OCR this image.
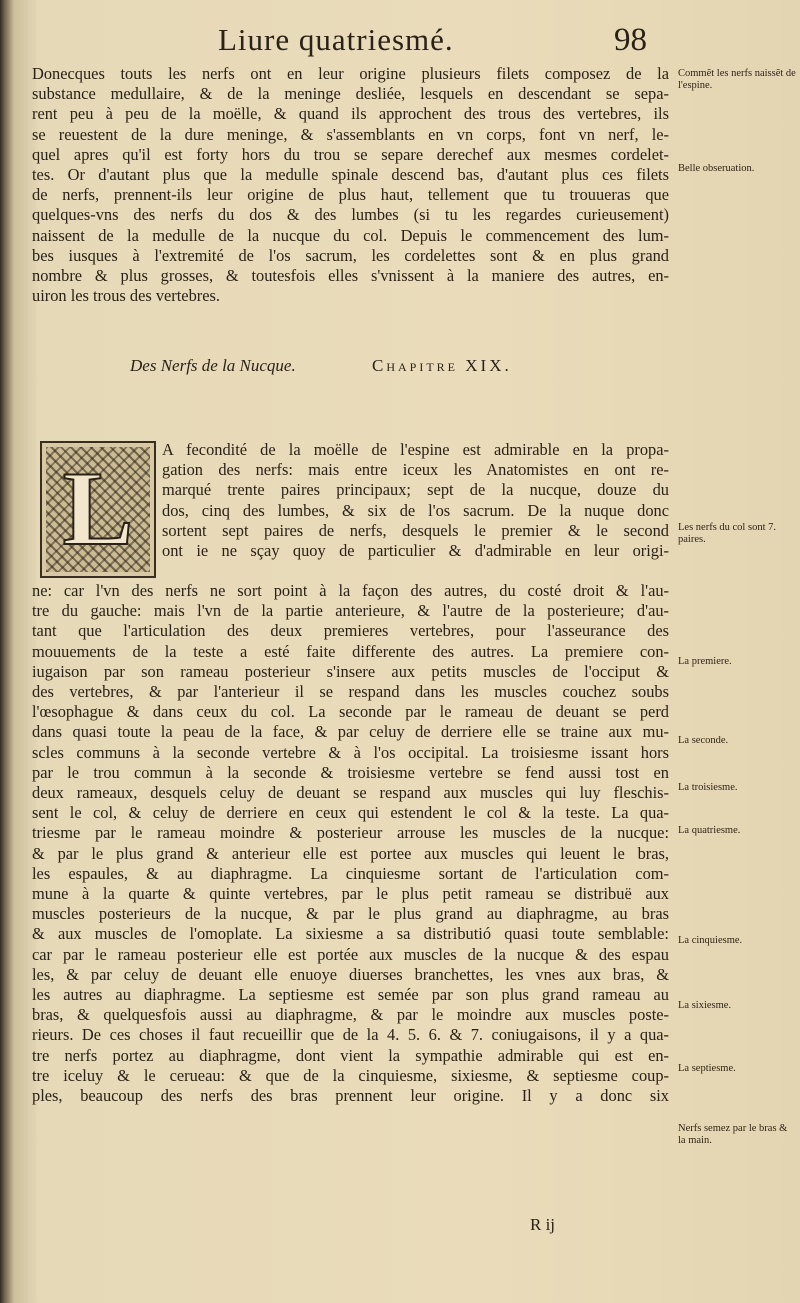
Liure quatriesmé.	98
Donecques touts les nerfs ont en leur origine plusieurs filets composez de la
substance medullaire, & de la meninge desliée, lesquels en descendant se sepa-
rent peu à peu de la moëlle, & quand ils approchent des trous des vertebres, ils
se reuestent de la dure meninge, & s'assemblants en vn corps, font vn nerf, le-
quel apres qu'il est forty hors du trou se separe derechef aux mesmes cordelet-
tes. Or d'autant plus que la medulle spinale descend bas, d'autant plus ces filets
de nerfs, prennent-ils leur origine de plus haut, tellement que tu trouueras que
quelques-vns des nerfs du dos & des lumbes (si tu les regardes curieusement)
naissent de la medulle de la nucque du col. Depuis le commencement des lum-
bes iusques à l'extremité de l'os sacrum, les cordelettes sont & en plus grand
nombre & plus grosses, & toutesfois elles s'vnissent à la maniere des autres, en-
uiron les trous des vertebres.
Des Nerfs de la Nucque.	Chapitre XIX.
L
A fecondité de la moëlle de l'espine est admirable en la propa-
gation des nerfs: mais entre iceux les Anatomistes en ont re-
marqué trente paires principaux; sept de la nucque, douze du
dos, cinq des lumbes, & six de l'os sacrum. De la nuque donc
sortent sept paires de nerfs, desquels le premier & le second
ont ie ne sçay quoy de particulier & d'admirable en leur origi-
ne: car l'vn des nerfs ne sort point à la façon des autres, du costé droit & l'au-
tre du gauche: mais l'vn de la partie anterieure, & l'autre de la posterieure; d'au-
tant que l'articulation des deux premieres vertebres, pour l'asseurance des
mouuements de la teste a esté faite differente des autres. La premiere con-
iugaison par son rameau posterieur s'insere aux petits muscles de l'occiput &
des vertebres, & par l'anterieur il se respand dans les muscles couchez soubs
l'œsophague & dans ceux du col. La seconde par le rameau de deuant se perd
dans quasi toute la peau de la face, & par celuy de derriere elle se traine aux mu-
scles communs à la seconde vertebre & à l'os occipital. La troisiesme issant hors
par le trou commun à la seconde & troisiesme vertebre se fend aussi tost en
deux rameaux, desquels celuy de deuant se respand aux muscles qui luy fleschis-
sent le col, & celuy de derriere en ceux qui estendent le col & la teste. La qua-
triesme par le rameau moindre & posterieur arrouse les muscles de la nucque:
& par le plus grand & anterieur elle est portee aux muscles qui leuent le bras,
les espaules, & au diaphragme. La cinquiesme sortant de l'articulation com-
mune à la quarte & quinte vertebres, par le plus petit rameau se distribuë aux
muscles posterieurs de la nucque, & par le plus grand au diaphragme, au bras
& aux muscles de l'omoplate. La sixiesme a sa distributió quasi toute semblable:
car par le rameau posterieur elle est portée aux muscles de la nucque & des espau
les, & par celuy de deuant elle enuoye diuerses branchettes, les vnes aux bras, &
les autres au diaphragme. La septiesme est semée par son plus grand rameau au
bras, & quelquesfois aussi au diaphragme, & par le moindre aux muscles poste-
rieurs. De ces choses il faut recueillir que de la 4. 5. 6. & 7. coniugaisons, il y a qua-
tre nerfs portez au diaphragme, dont vient la sympathie admirable qui est en-
tre iceluy & le cerueau: & que de la cinquiesme, sixiesme, & septiesme coup-
ples, beaucoup des nerfs des bras prennent leur origine. Il y a donc six
Commẽt les nerfs naissẽt de l'espine.
Belle obseruation.
Les nerfs du col sont 7. paires.
La premiere.
La seconde.
La troisiesme.
La quatriesme.
La cinquiesme.
La sixiesme.
La septiesme.
Nerfs semez par le bras & la main.
R ij
